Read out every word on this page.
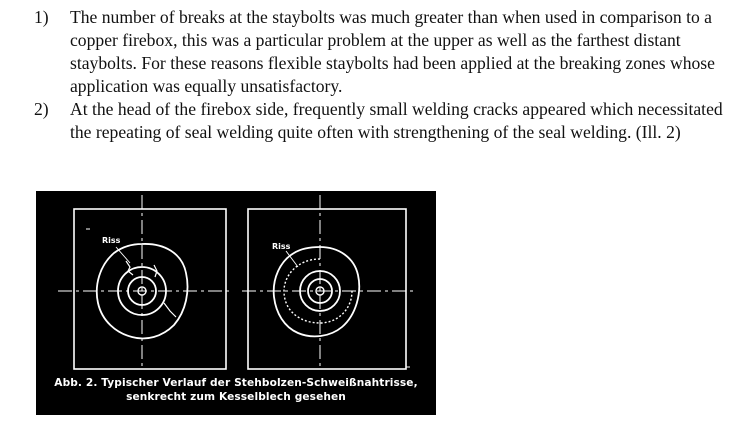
1) The number of breaks at the staybolts was much greater than when used in comparison to a copper firebox, this was a particular problem at the upper as well as the farthest distant staybolts. For these reasons flexible staybolts had been applied at the breaking zones whose application was equally unsatisfactory.
2) At the head of the firebox side, frequently small welding cracks appeared which necessitated the repeating of seal welding quite often with strengthening of the seal welding. (Ill. 2)
Riss
Riss
Abb. 2. Typischer Verlauf der Stehbolzen-Schweißnahtrisse,
senkrecht zum Kesselblech gesehen
